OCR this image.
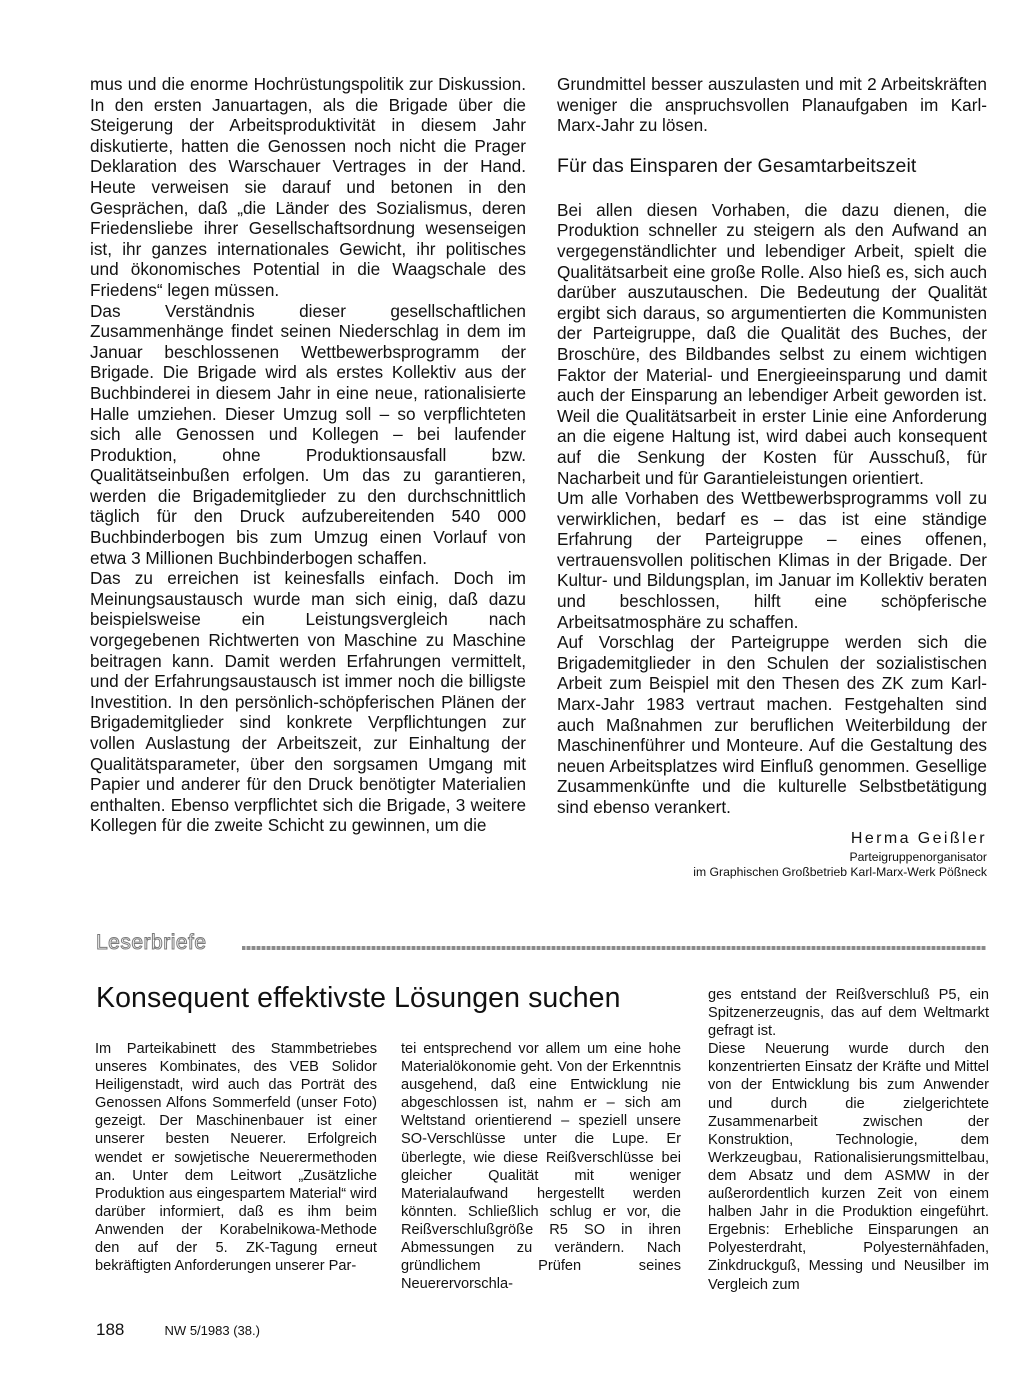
mus und die enorme Hochrüstungspolitik zur Diskussion. In den ersten Januartagen, als die Brigade über die Steigerung der Arbeitsproduktivität in diesem Jahr diskutierte, hatten die Genossen noch nicht die Prager Deklaration des Warschauer Vertrages in der Hand. Heute verweisen sie darauf und betonen in den Gesprächen, daß „die Länder des Sozialismus, deren Friedensliebe ihrer Gesellschaftsordnung wesenseigen ist, ihr ganzes internationales Gewicht, ihr politisches und ökonomisches Potential in die Waagschale des Friedens“ legen müssen.

Das Verständnis dieser gesellschaftlichen Zusammenhänge findet seinen Niederschlag in dem im Januar beschlossenen Wettbewerbsprogramm der Brigade. Die Brigade wird als erstes Kollektiv aus der Buchbinderei in diesem Jahr in eine neue, rationalisierte Halle umziehen. Dieser Umzug soll – so verpflichteten sich alle Genossen und Kollegen – bei laufender Produktion, ohne Produktionsausfall bzw. Qualitätseinbußen erfolgen. Um das zu garantieren, werden die Brigademitglieder zu den durchschnittlich täglich für den Druck aufzubereitenden 540 000 Buchbinderbogen bis zum Umzug einen Vorlauf von etwa 3 Millionen Buchbinderbogen schaffen.

Das zu erreichen ist keinesfalls einfach. Doch im Meinungsaustausch wurde man sich einig, daß dazu beispielsweise ein Leistungsvergleich nach vorgegebenen Richtwerten von Maschine zu Maschine beitragen kann. Damit werden Erfahrungen vermittelt, und der Erfahrungsaustausch ist immer noch die billigste Investition. In den persönlich-schöpferischen Plänen der Brigademitglieder sind konkrete Verpflichtungen zur vollen Auslastung der Arbeitszeit, zur Einhaltung der Qualitätsparameter, über den sorgsamen Umgang mit Papier und anderer für den Druck benötigter Materialien enthalten. Ebenso verpflichtet sich die Brigade, 3 weitere Kollegen für die zweite Schicht zu gewinnen, um die

Grundmittel besser auszulasten und mit 2 Arbeitskräften weniger die anspruchsvollen Planaufgaben im Karl-Marx-Jahr zu lösen.

Für das Einsparen der Gesamtarbeitszeit

Bei allen diesen Vorhaben, die dazu dienen, die Produktion schneller zu steigern als den Aufwand an vergegenständlichter und lebendiger Arbeit, spielt die Qualitätsarbeit eine große Rolle. Also hieß es, sich auch darüber auszutauschen. Die Bedeutung der Qualität ergibt sich daraus, so argumentierten die Kommunisten der Parteigruppe, daß die Qualität des Buches, der Broschüre, des Bildbandes selbst zu einem wichtigen Faktor der Material- und Energieeinsparung und damit auch der Einsparung an lebendiger Arbeit geworden ist. Weil die Qualitätsarbeit in erster Linie eine Anforderung an die eigene Haltung ist, wird dabei auch konsequent auf die Senkung der Kosten für Ausschuß, für Nacharbeit und für Garantieleistungen orientiert.

Um alle Vorhaben des Wettbewerbsprogramms voll zu verwirklichen, bedarf es – das ist eine ständige Erfahrung der Parteigruppe – eines offenen, vertrauensvollen politischen Klimas in der Brigade. Der Kultur- und Bildungsplan, im Januar im Kollektiv beraten und beschlossen, hilft eine schöpferische Arbeitsatmosphäre zu schaffen.

Auf Vorschlag der Parteigruppe werden sich die Brigademitglieder in den Schulen der sozialistischen Arbeit zum Beispiel mit den Thesen des ZK zum Karl-Marx-Jahr 1983 vertraut machen. Festgehalten sind auch Maßnahmen zur beruflichen Weiterbildung der Maschinenführer und Monteure. Auf die Gestaltung des neuen Arbeitsplatzes wird Einfluß genommen. Gesellige Zusammenkünfte und die kulturelle Selbstbetätigung sind ebenso verankert.

Herma Geißler
Parteigruppenorganisator
im Graphischen Großbetrieb Karl-Marx-Werk Pößneck
Leserbriefe
Konsequent effektivste Lösungen suchen

Im Parteikabinett des Stammbetriebes unseres Kombinates, des VEB Solidor Heiligenstadt, wird auch das Porträt des Genossen Alfons Sommerfeld (unser Foto) gezeigt. Der Maschinenbauer ist einer unserer besten Neuerer. Erfolgreich wendet er sowjetische Neuerermethoden an. Unter dem Leitwort „Zusätzliche Produktion aus eingespartem Material“ wird darüber informiert, daß es ihm beim Anwenden der Korabelnikowa-Methode den auf der 5. ZK-Tagung erneut bekräftigten Anforderungen unserer Par-

tei entsprechend vor allem um eine hohe Materialökonomie geht. Von der Erkenntnis ausgehend, daß eine Entwicklung nie abgeschlossen ist, nahm er – sich am Weltstand orientierend – speziell unsere SO-Verschlüsse unter die Lupe. Er überlegte, wie diese Reißverschlüsse bei gleicher Qualität mit weniger Materialaufwand hergestellt werden könnten. Schließlich schlug er vor, die Reißverschlußgröße R5 SO in ihren Abmessungen zu verändern. Nach gründlichem Prüfen seines Neuerervorschla-

ges entstand der Reißverschluß P5, ein Spitzenerzeugnis, das auf dem Weltmarkt gefragt ist.

Diese Neuerung wurde durch den konzentrierten Einsatz der Kräfte und Mittel von der Entwicklung bis zum Anwender und durch die zielgerichtete Zusammenarbeit zwischen der Konstruktion, Technologie, dem Werkzeugbau, Rationalisierungsmittelbau, dem Absatz und dem ASMW in der außerordentlich kurzen Zeit von einem halben Jahr in die Produktion eingeführt. Ergebnis: Erhebliche Einsparungen an Polyesterdraht, Polyesternähfaden, Zinkdruckguß, Messing und Neusilber im Vergleich zum

188	NW 5/1983 (38.)
